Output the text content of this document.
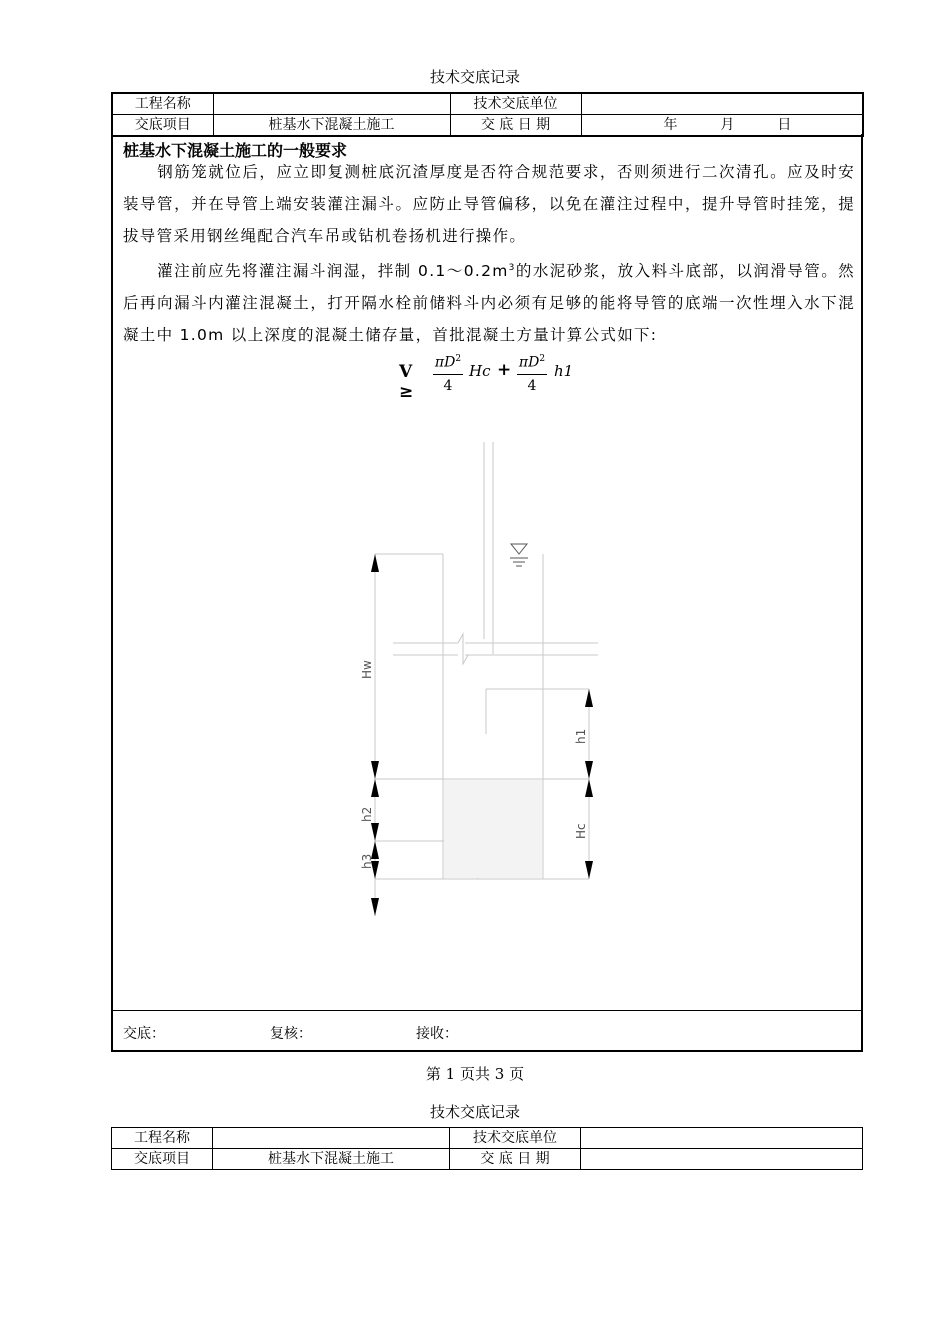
技术交底记录
工程名称		技术交底单位	
交底项目	桩基水下混凝土施工	交 底 日 期	年 月 日
桩基水下混凝土施工的一般要求
钢筋笼就位后，应立即复测桩底沉渣厚度是否符合规范要求，否则须进行二次清孔。应及时安装导管，并在导管上端安装灌注漏斗。应防止导管偏移，以免在灌注过程中，提升导管时挂笼，提拔导管采用钢丝绳配合汽车吊或钻机卷扬机进行操作。
灌注前应先将灌注漏斗润湿，拌制 $0.1\sim 0.2m^3$的水泥砂浆，放入料斗底部，以润滑导管。然后再向漏斗内灌注混凝土，打开隔水栓前储料斗内必须有足够的能将导管的底端一次性埋入水下混凝土中 1.0m 以上深度的混凝土储存量，首批混凝土方量计算公式如下:
$V \ge \frac{\pi D^2}{4}$ $Hc + \frac{\pi D^2}{4} h1$
Hw
h1
h2
Hc
h3
交底：	复核：	接收：
第 1 页共 3 页
技术交底记录
工程名称		技术交底单位	
交底项目	桩基水下混凝土施工	交 底 日 期	
